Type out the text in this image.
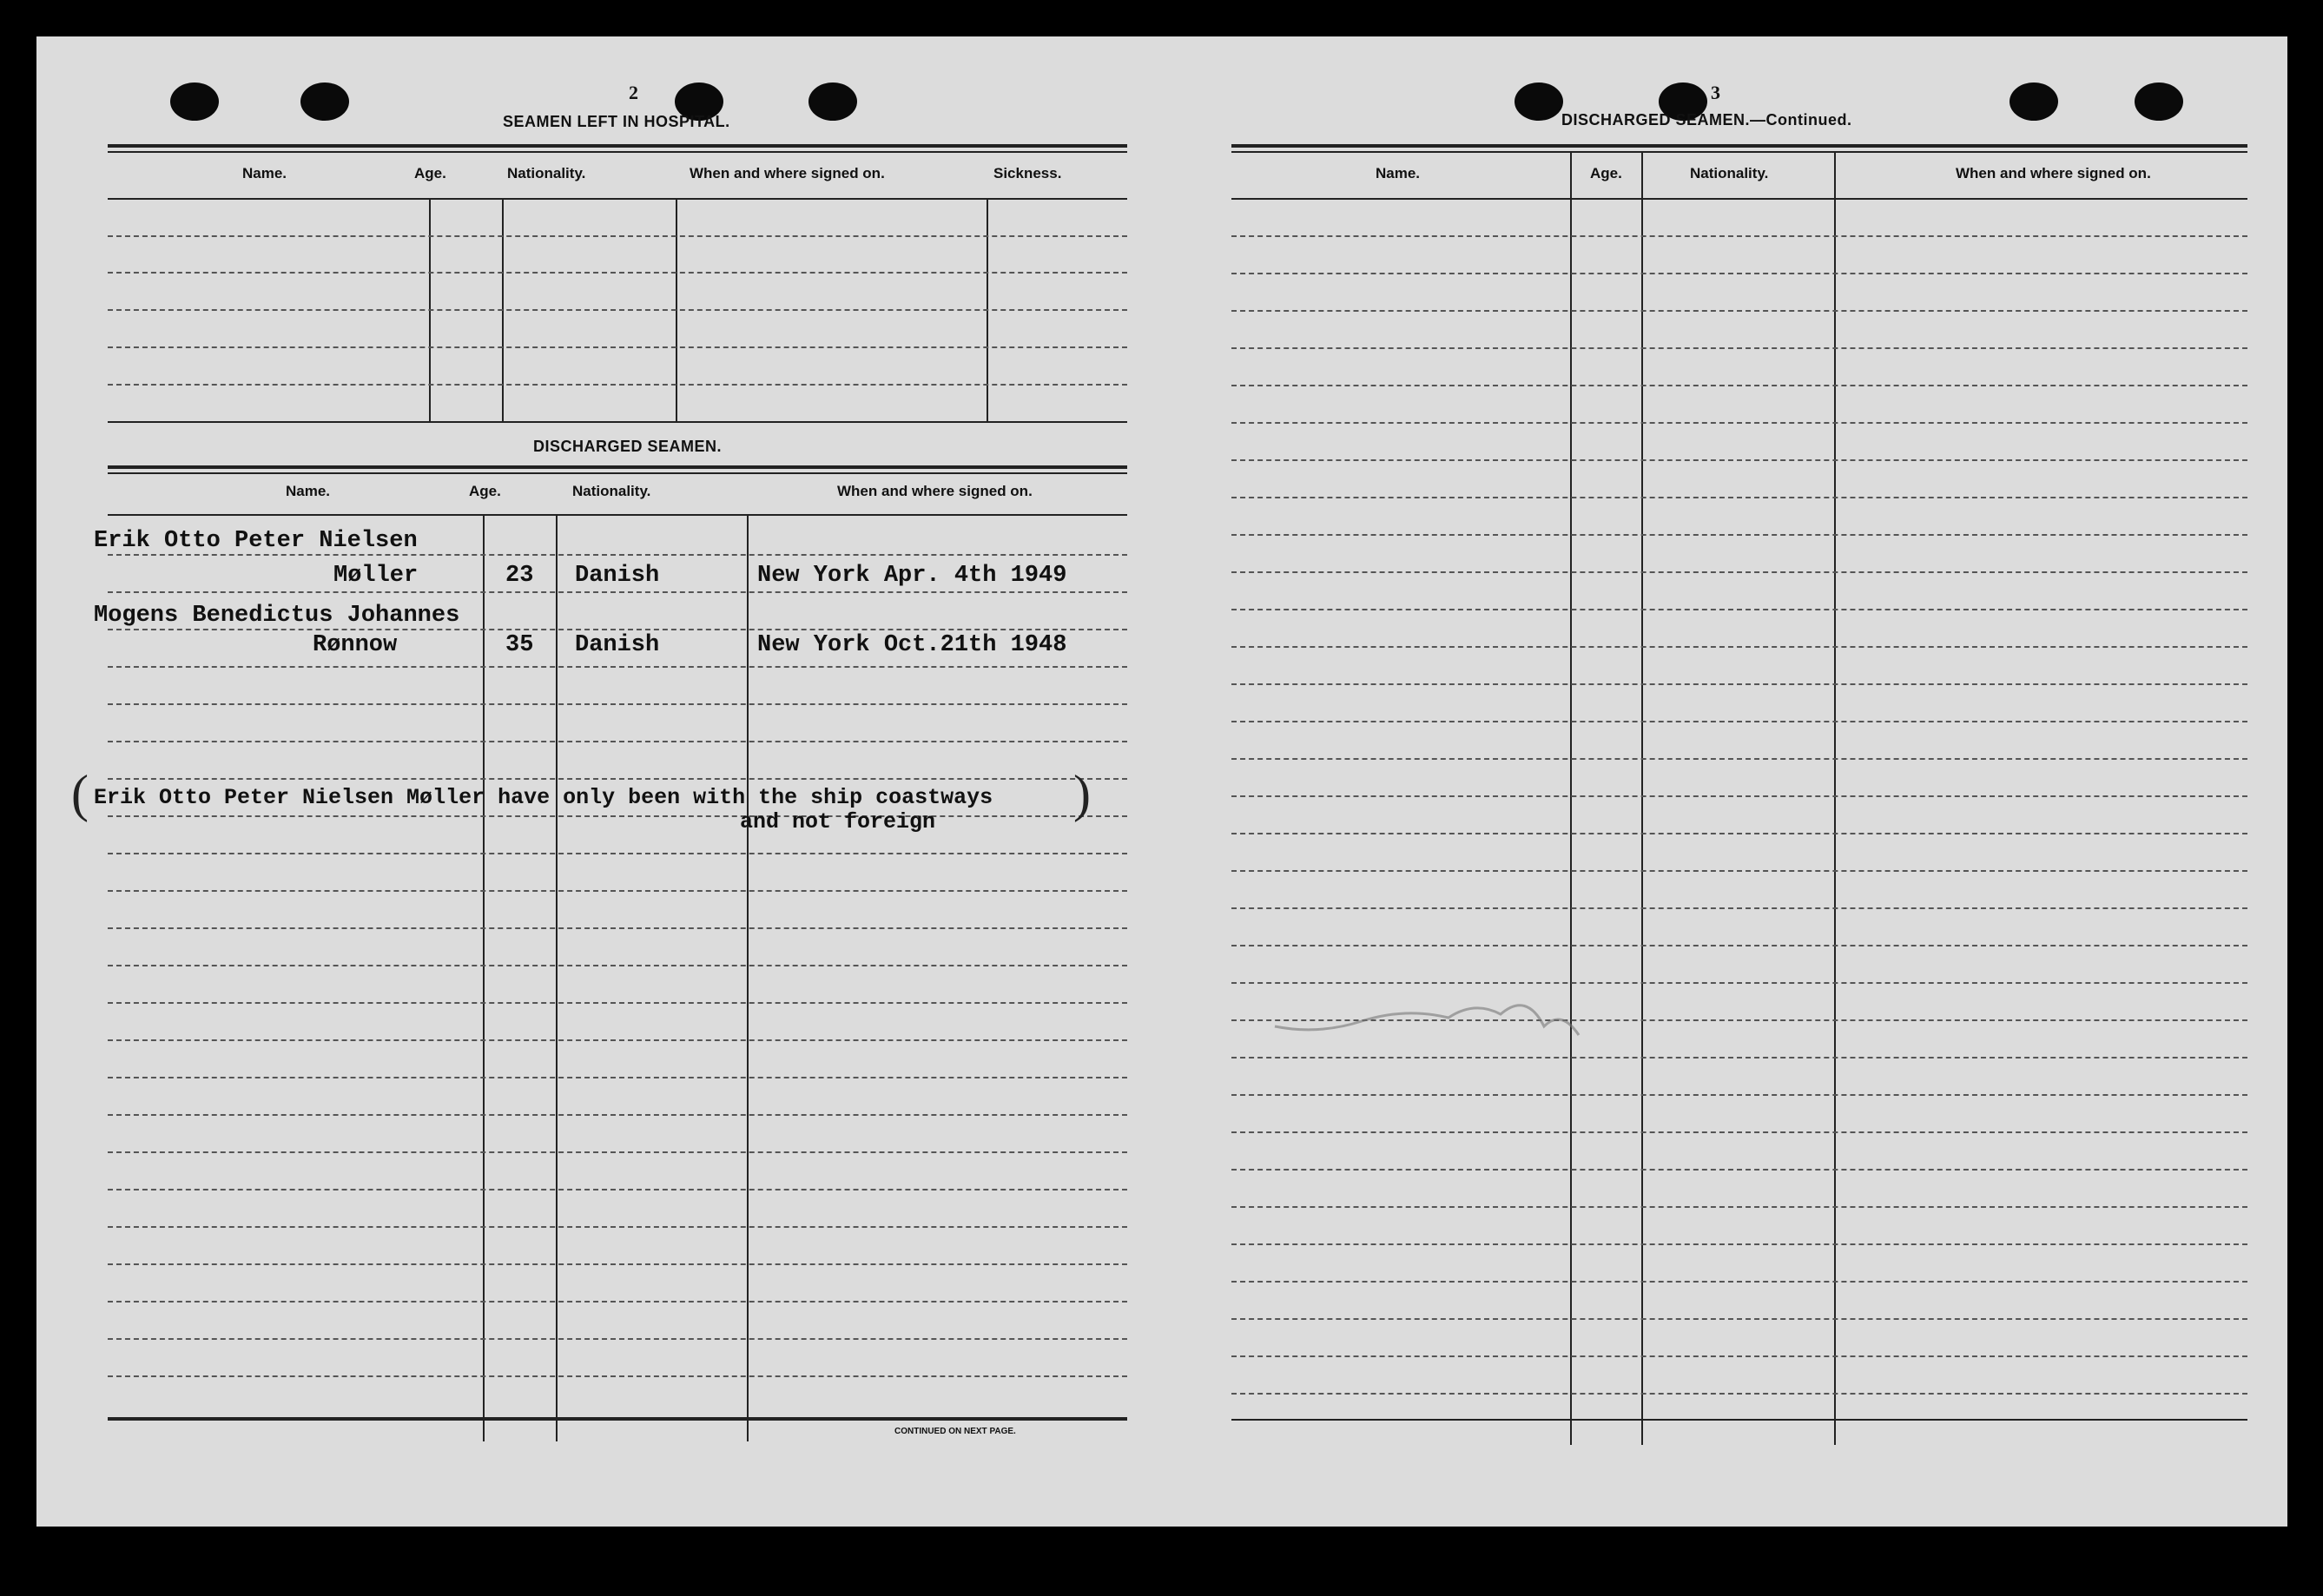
2
SEAMEN LEFT IN HOSPITAL.
Name.	Age.	Nationality.	When and where signed on.	Sickness.
DISCHARGED SEAMEN.
Name.	Age.	Nationality.	When and where signed on.
CONTINUED ON NEXT PAGE.
Erik Otto Peter Nielsen
Møller	23 Danish	New York Apr. 4th 1949
Mogens Benedictus Johannes
Rønnow	35 Danish	New York Oct.21th 1948
( Erik Otto Peter Nielsen Møller have only been with the ship coastways )
and not foreign
3
DISCHARGED SEAMEN.—Continued.
Name.	Age.	Nationality.	When and where signed on.
